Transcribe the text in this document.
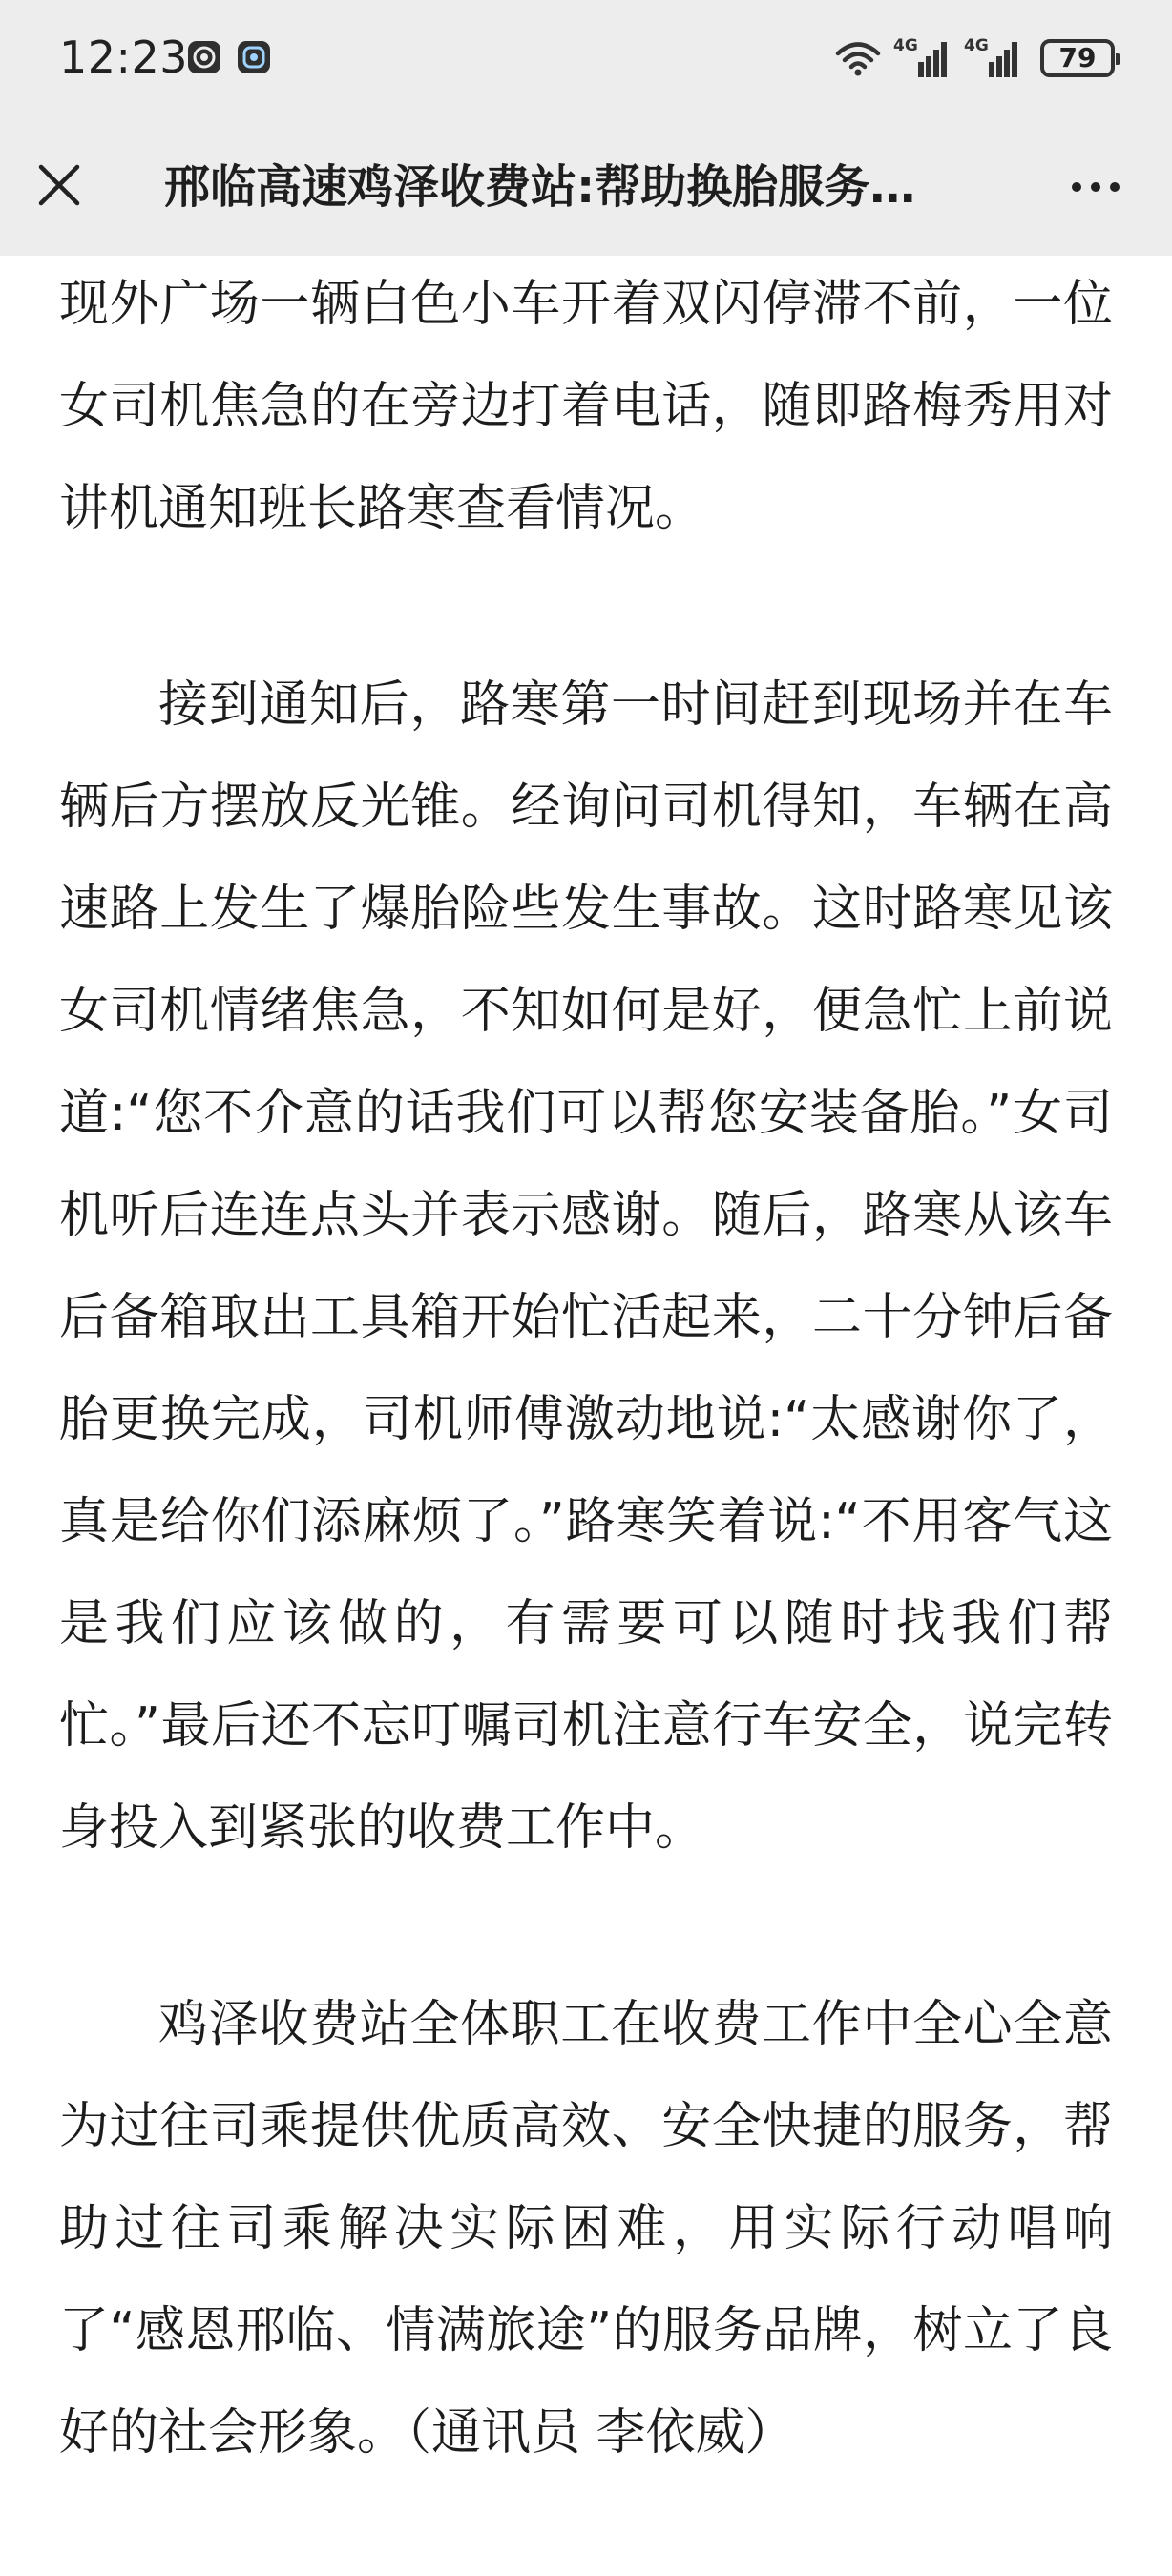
12:23	4G	4G	79
邢临高速鸡泽收费站:帮助换胎服务…

现外广场一辆白色小车开着双闪停滞不前，一位女司机焦急的在旁边打着电话，随即路梅秀用对讲机通知班长路寒查看情况。

接到通知后，路寒第一时间赶到现场并在车辆后方摆放反光锥。经询问司机得知，车辆在高速路上发生了爆胎险些发生事故。这时路寒见该女司机情绪焦急，不知如何是好，便急忙上前说道:“您不介意的话我们可以帮您安装备胎。”女司机听后连连点头并表示感谢。随后，路寒从该车后备箱取出工具箱开始忙活起来，二十分钟后备胎更换完成，司机师傅激动地说:“太感谢你了，真是给你们添麻烦了。”路寒笑着说:“不用客气这是我们应该做的，有需要可以随时找我们帮忙。”最后还不忘叮嘱司机注意行车安全，说完转身投入到紧张的收费工作中。

鸡泽收费站全体职工在收费工作中全心全意为过往司乘提供优质高效、安全快捷的服务，帮助过往司乘解决实际困难，用实际行动唱响了“感恩邢临、情满旅途”的服务品牌，树立了良好的社会形象。（通讯员 李依威）
